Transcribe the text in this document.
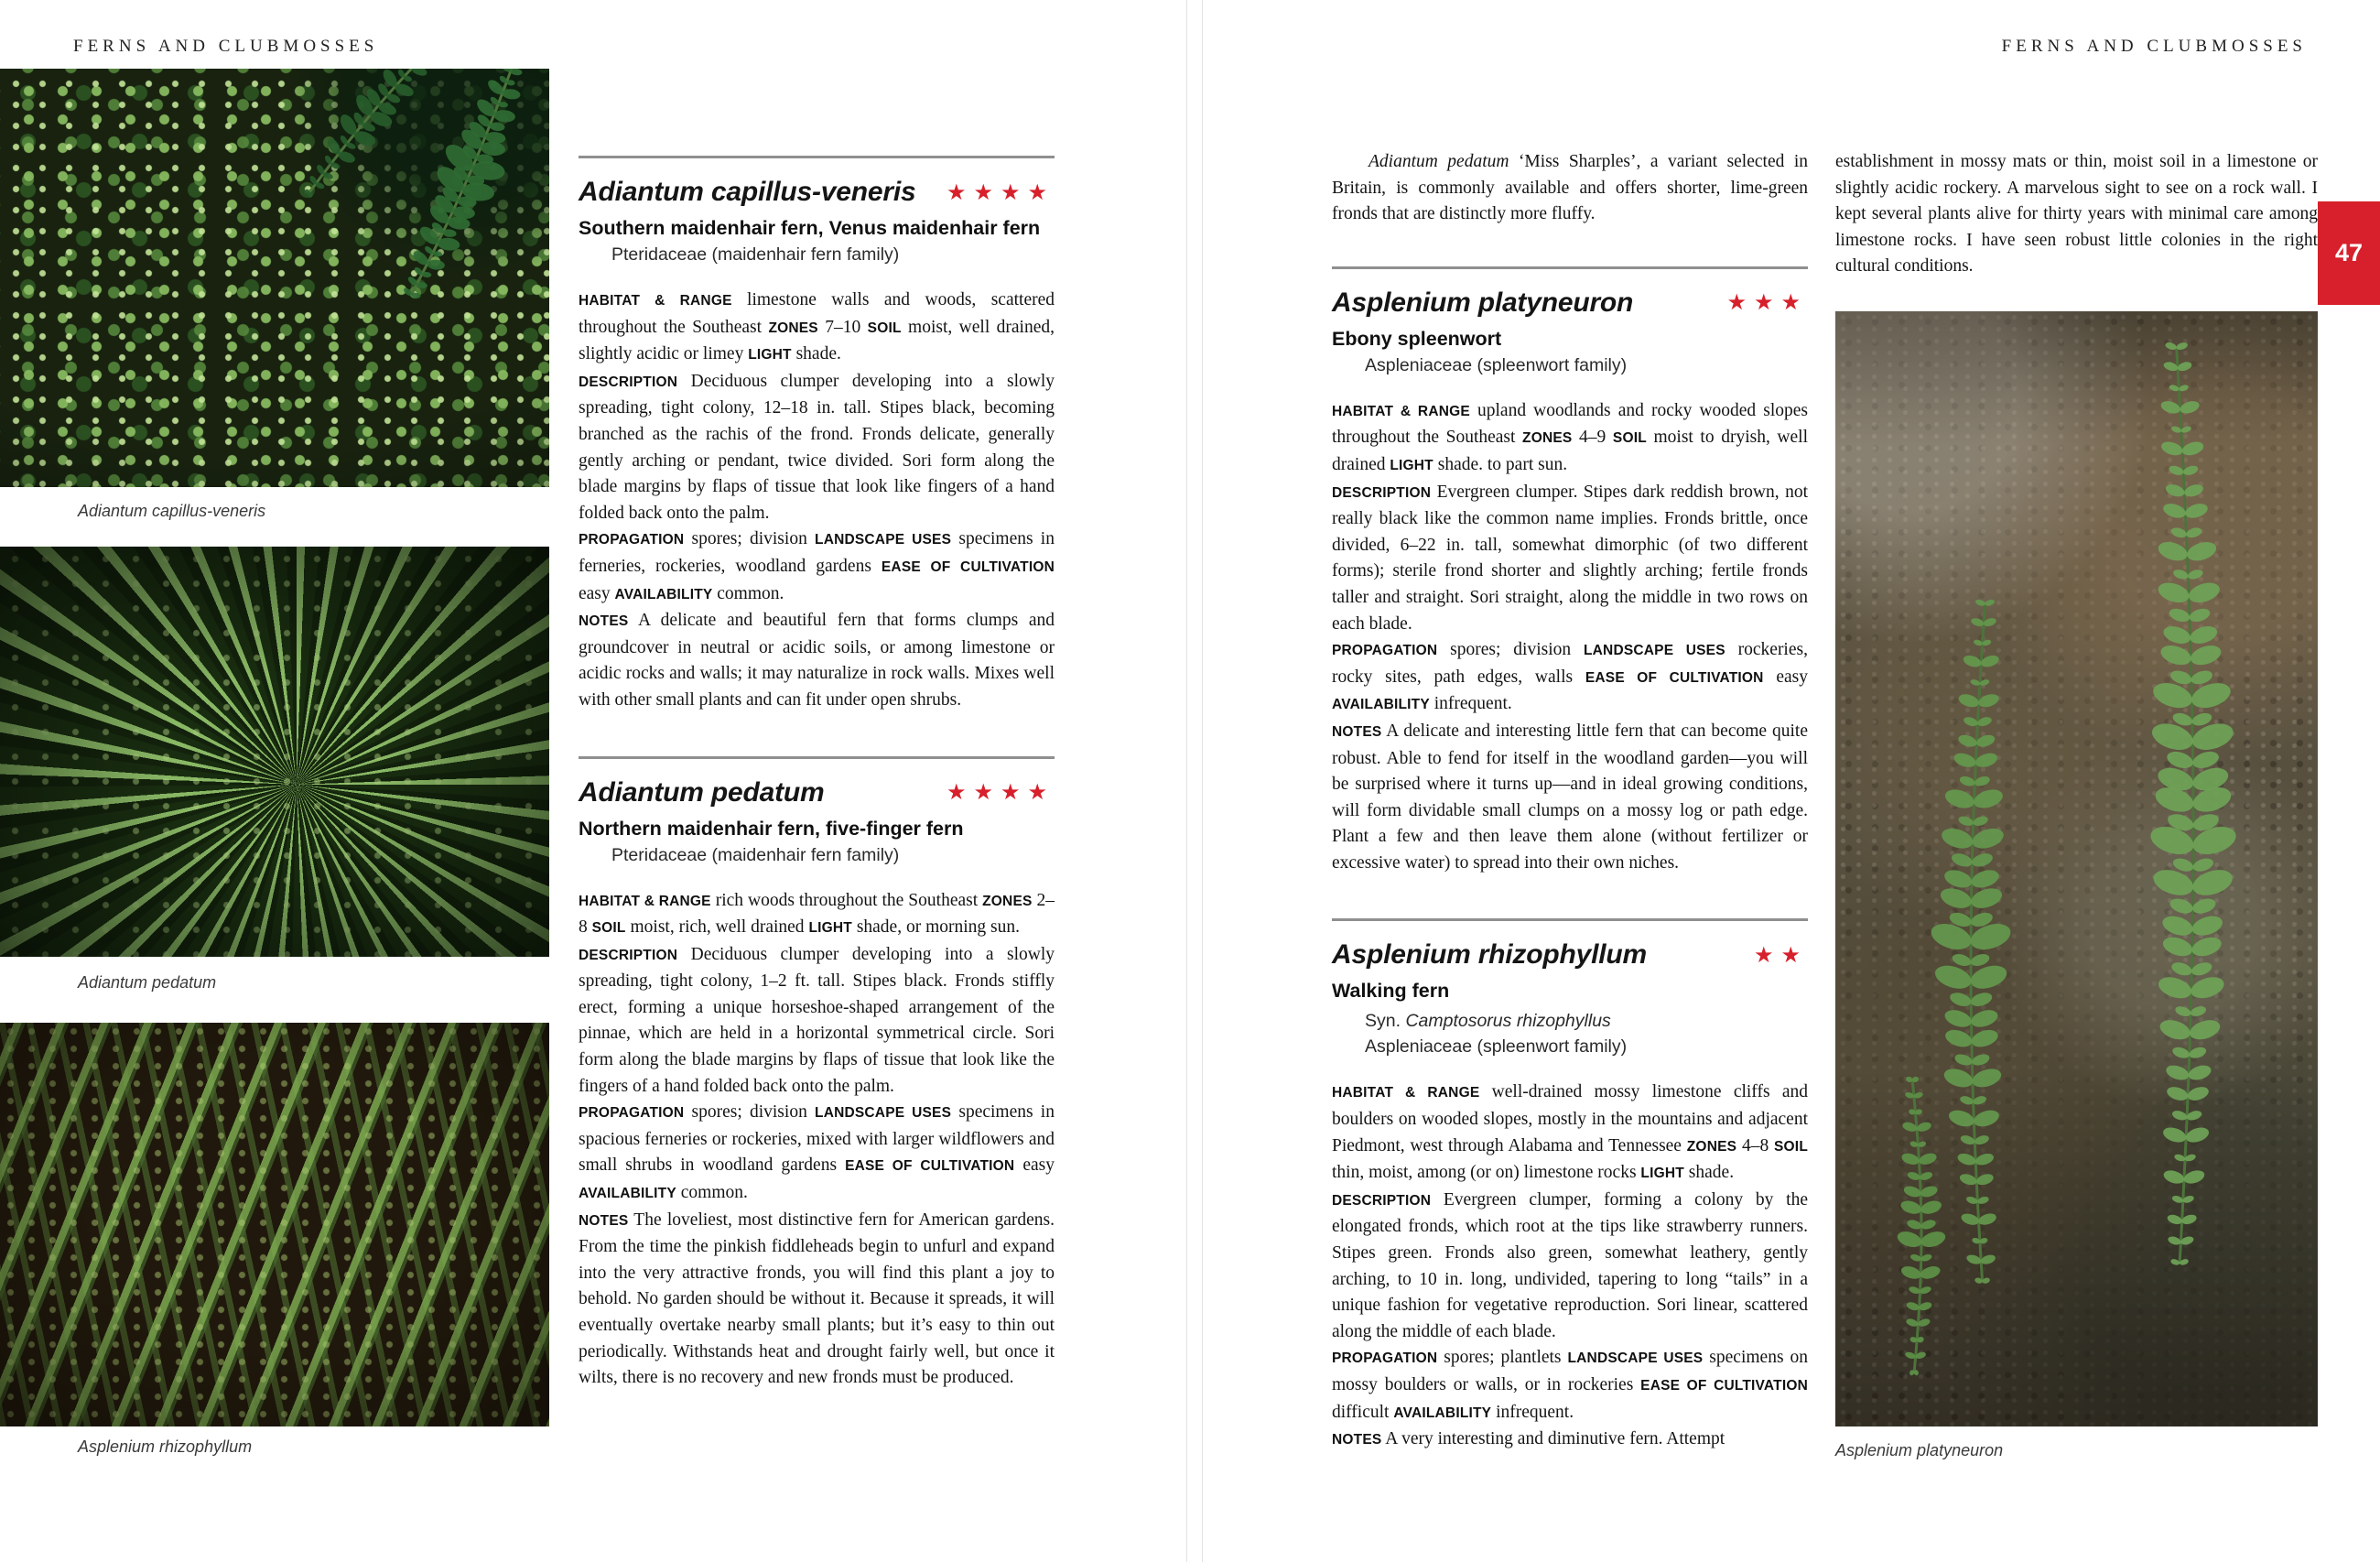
FERNS AND CLUBMOSSES	FERNS AND CLUBMOSSES
Adiantum capillus-veneris
Adiantum pedatum
Asplenium rhizophyllum
Adiantum capillus-veneris	★★★★
Southern maidenhair fern, Venus maidenhair fern
Pteridaceae (maidenhair fern family)

HABITAT & RANGE limestone walls and woods, scattered throughout the Southeast ZONES 7–10 SOIL moist, well drained, slightly acidic or limey LIGHT shade.

DESCRIPTION Deciduous clumper developing into a slowly spreading, tight colony, 12–18 in. tall. Stipes black, becoming branched as the rachis of the frond. Fronds delicate, generally gently arching or pendant, twice divided. Sori form along the blade margins by flaps of tissue that look like fingers of a hand folded back onto the palm.

PROPAGATION spores; division LANDSCAPE USES specimens in ferneries, rockeries, woodland gardens EASE OF CULTIVATION easy AVAILABILITY common.

NOTES A delicate and beautiful fern that forms clumps and groundcover in neutral or acidic soils, or among limestone or acidic rocks and walls; it may naturalize in rock walls. Mixes well with other small plants and can fit under open shrubs.

Adiantum pedatum	★★★★
Northern maidenhair fern, five-finger fern
Pteridaceae (maidenhair fern family)

HABITAT & RANGE rich woods throughout the Southeast ZONES 2–8 SOIL moist, rich, well drained LIGHT shade, or morning sun.

DESCRIPTION Deciduous clumper developing into a slowly spreading, tight colony, 1–2 ft. tall. Stipes black. Fronds stiffly erect, forming a unique horseshoe-shaped arrangement of the pinnae, which are held in a horizontal symmetrical circle. Sori form along the blade margins by flaps of tissue that look like the fingers of a hand folded back onto the palm.

PROPAGATION spores; division LANDSCAPE USES specimens in spacious ferneries or rockeries, mixed with larger wildflowers and small shrubs in woodland gardens EASE OF CULTIVATION easy AVAILABILITY common.

NOTES The loveliest, most distinctive fern for American gardens. From the time the pinkish fiddleheads begin to unfurl and expand into the very attractive fronds, you will find this plant a joy to behold. No garden should be without it. Because it spreads, it will eventually overtake nearby small plants; but it’s easy to thin out periodically. Withstands heat and drought fairly well, but once it wilts, there is no recovery and new fronds must be produced.

Adiantum pedatum ‘Miss Sharples’, a variant selected in Britain, is commonly available and offers shorter, lime-green fronds that are distinctly more fluffy.

Asplenium platyneuron	★★★
Ebony spleenwort
Aspleniaceae (spleenwort family)

HABITAT & RANGE upland woodlands and rocky wooded slopes throughout the Southeast ZONES 4–9 SOIL moist to dryish, well drained LIGHT shade. to part sun.

DESCRIPTION Evergreen clumper. Stipes dark reddish brown, not really black like the common name implies. Fronds brittle, once divided, 6–22 in. tall, somewhat dimorphic (of two different forms); sterile frond shorter and slightly arching; fertile fronds taller and straight. Sori straight, along the middle in two rows on each blade.

PROPAGATION spores; division LANDSCAPE USES rockeries, rocky sites, path edges, walls EASE OF CULTIVATION easy AVAILABILITY infrequent.

NOTES A delicate and interesting little fern that can become quite robust. Able to fend for itself in the woodland garden—you will be surprised where it turns up—and in ideal growing conditions, will form dividable small clumps on a mossy log or path edge. Plant a few and then leave them alone (without fertilizer or excessive water) to spread into their own niches.

Asplenium rhizophyllum	★★
Walking fern
Syn. Camptosorus rhizophyllus
Aspleniaceae (spleenwort family)

HABITAT & RANGE well-drained mossy limestone cliffs and boulders on wooded slopes, mostly in the mountains and adjacent Piedmont, west through Alabama and Tennessee ZONES 4–8 SOIL thin, moist, among (or on) limestone rocks LIGHT shade.

DESCRIPTION Evergreen clumper, forming a colony by the elongated fronds, which root at the tips like strawberry runners. Stipes green. Fronds also green, somewhat leathery, gently arching, to 10 in. long, undivided, tapering to long “tails” in a unique fashion for vegetative reproduction. Sori linear, scattered along the middle of each blade.

PROPAGATION spores; plantlets LANDSCAPE USES specimens on mossy boulders or walls, or in rockeries EASE OF CULTIVATION difficult AVAILABILITY infrequent.

NOTES A very interesting and diminutive fern. Attempt

establishment in mossy mats or thin, moist soil in a limestone or slightly acidic rockery. A marvelous sight to see on a rock wall. I kept several plants alive for thirty years with minimal care among limestone rocks. I have seen robust little colonies in the right cultural conditions.	47
Asplenium platyneuron
